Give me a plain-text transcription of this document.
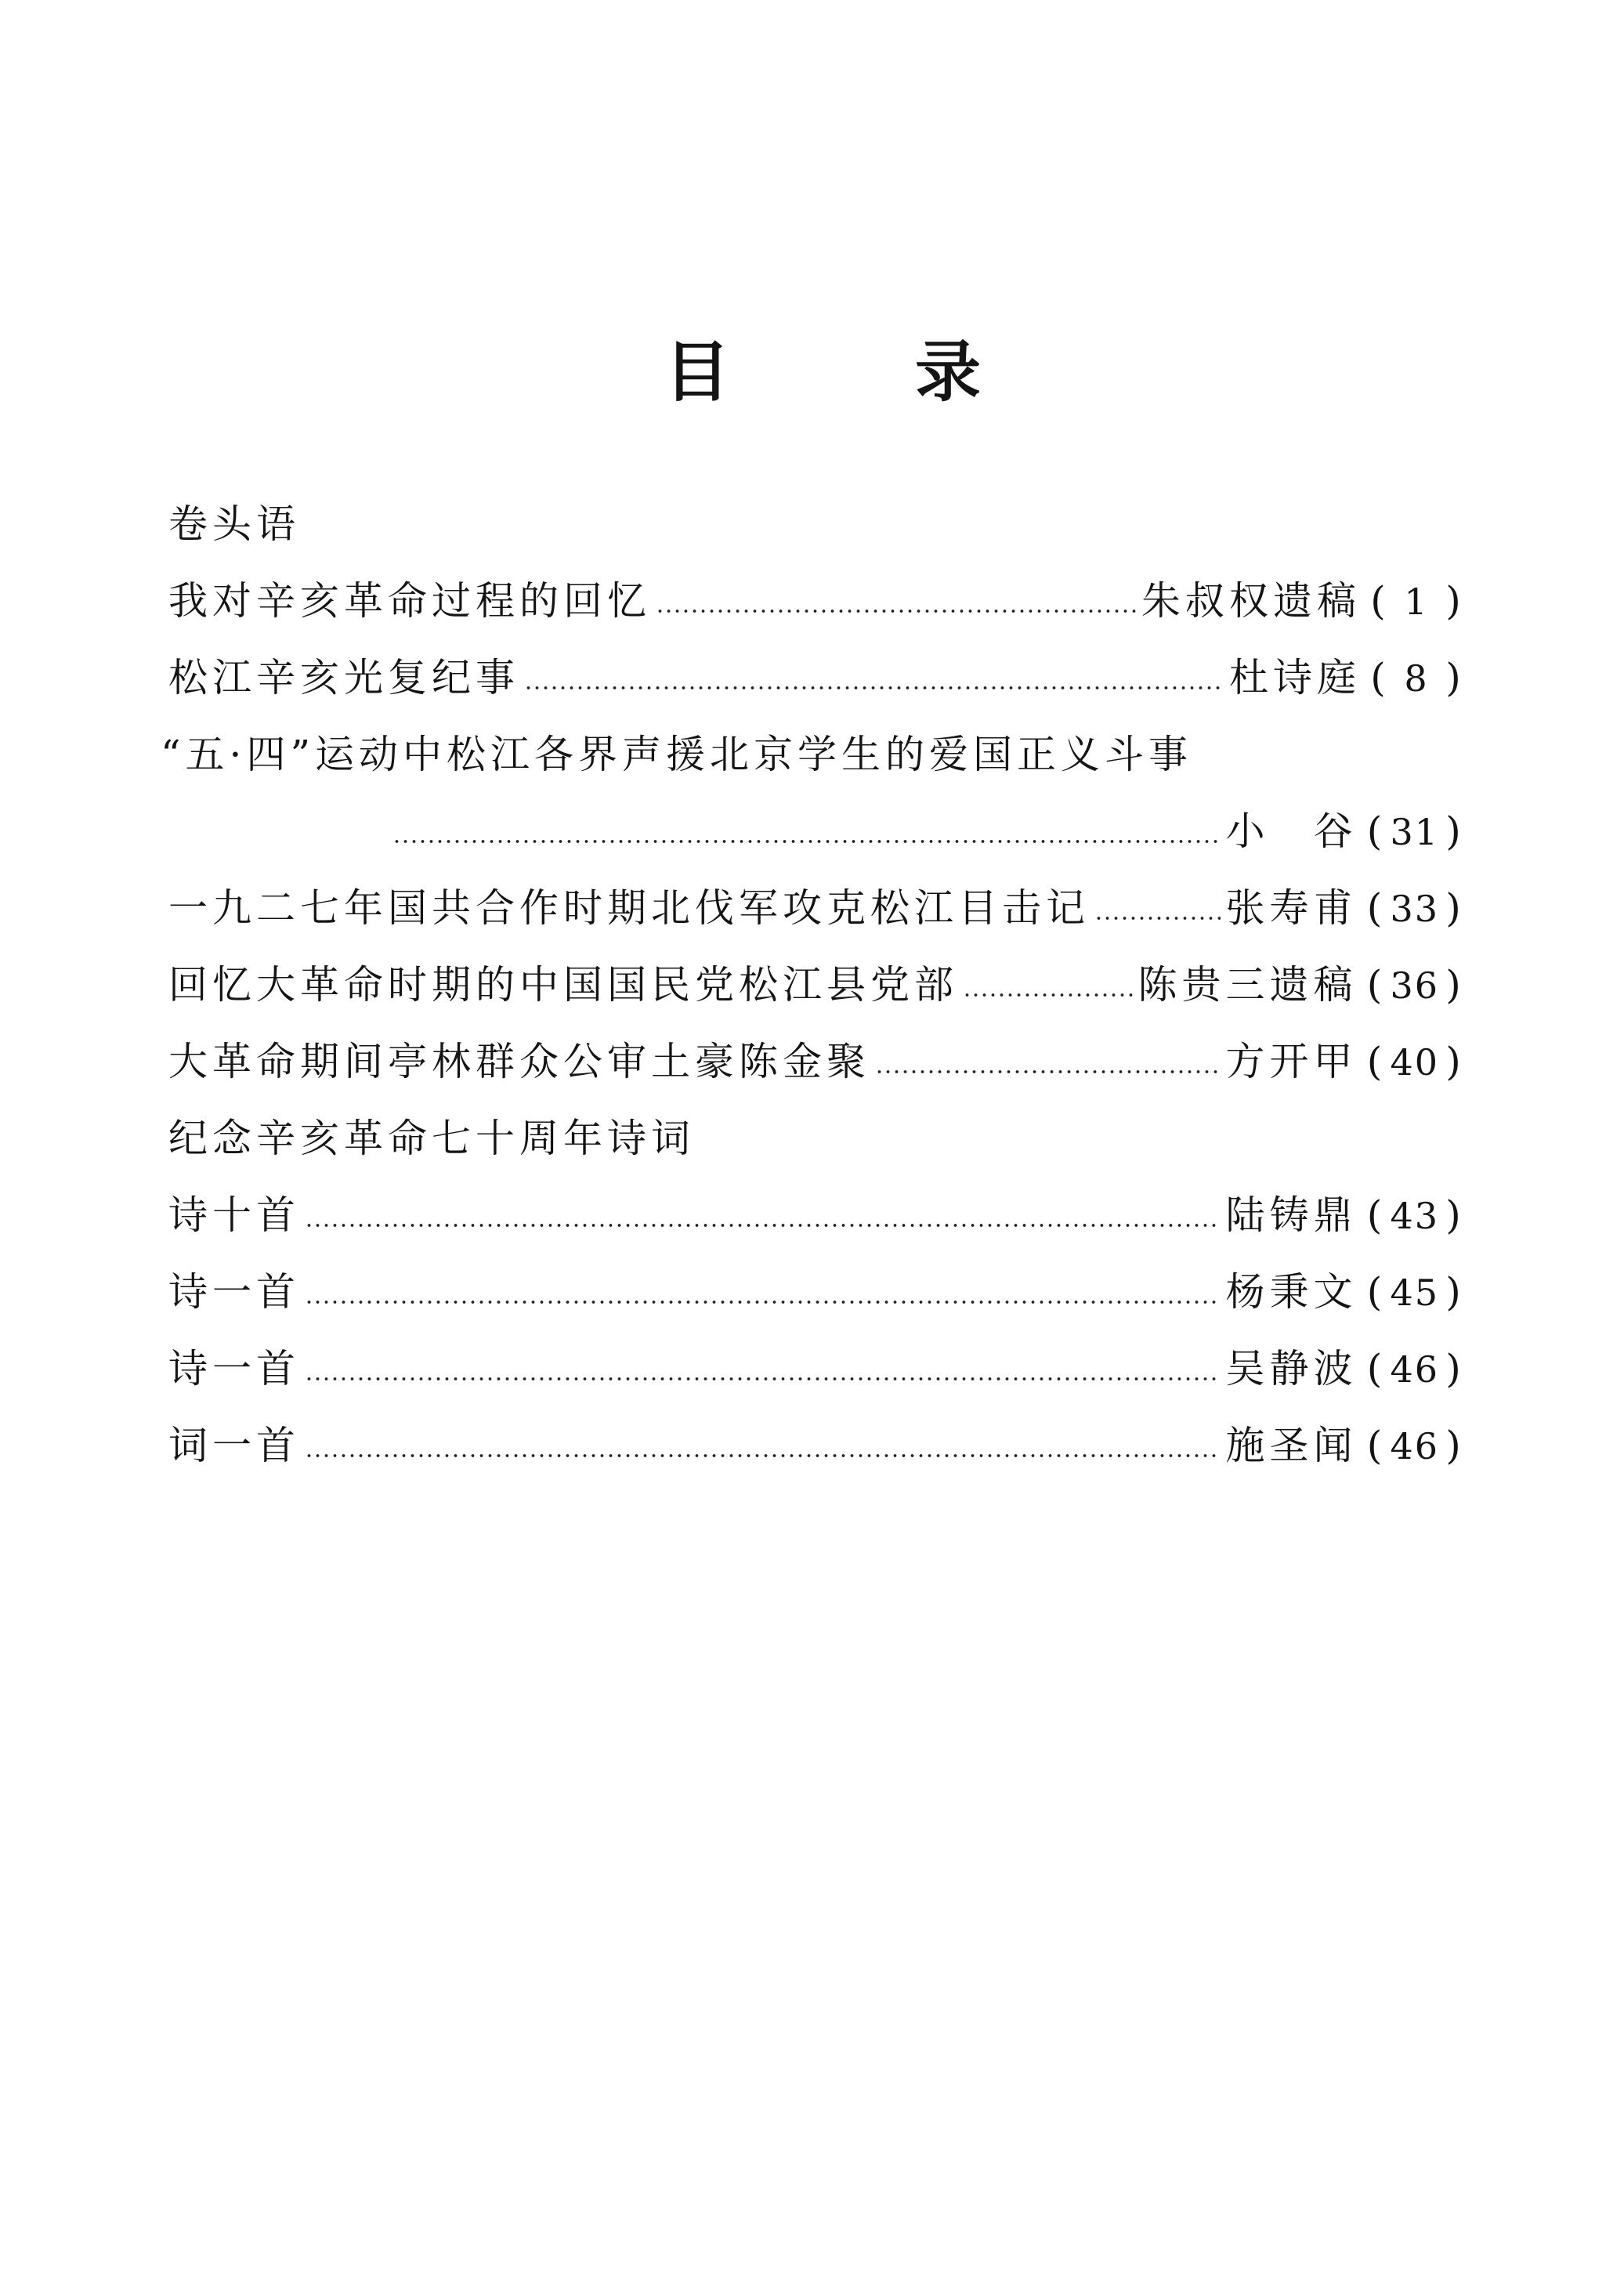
目	录
卷头语
我对辛亥革命过程的回忆	朱叔权遗稿 ( 1 )
松江辛亥光复纪事	杜诗庭 ( 8 )
“五·四”运动中松江各界声援北京学生的爱国正义斗事
小　谷 ( 31 )
一九二七年国共合作时期北伐军攻克松江目击记	张寿甫 ( 33 )
回忆大革命时期的中国国民党松江县党部	陈贵三遗稿 ( 36 )
大革命期间亭林群众公审土豪陈金聚	方开甲 ( 40 )
纪念辛亥革命七十周年诗词
诗十首	陆铸鼎 ( 43 )
诗一首	杨秉文 ( 45 )
诗一首	吴静波 ( 46 )
词一首	施圣闻 ( 46 )
